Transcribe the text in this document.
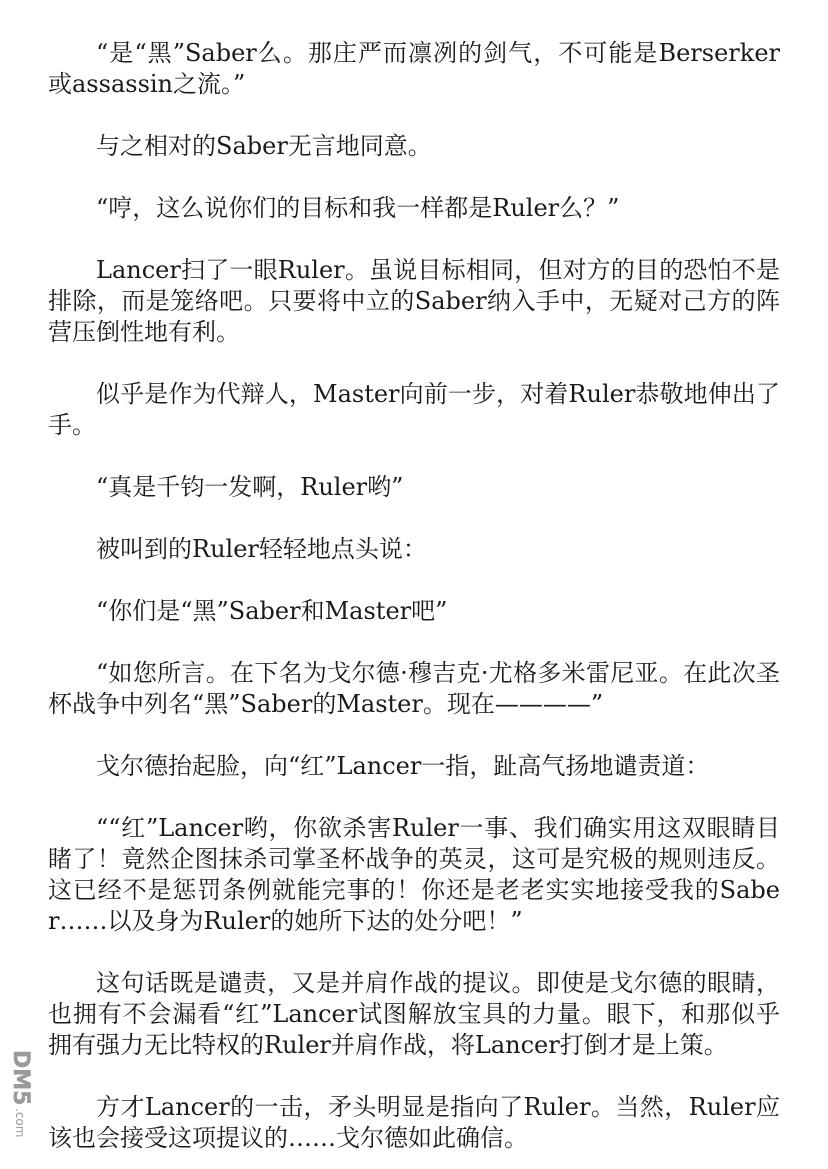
“是“黑”Saber么。那庄严而凛冽的剑气，不可能是Berserker或assassin之流。”

与之相对的Saber无言地同意。

“哼，这么说你们的目标和我一样都是Ruler么？”

Lancer扫了一眼Ruler。虽说目标相同，但对方的目的恐怕不是排除，而是笼络吧。只要将中立的Saber纳入手中，无疑对己方的阵营压倒性地有利。

似乎是作为代辩人，Master向前一步，对着Ruler恭敬地伸出了手。

“真是千钧一发啊，Ruler哟”

被叫到的Ruler轻轻地点头说：

“你们是“黑”Saber和Master吧”

“如您所言。在下名为戈尔德·穆吉克·尤格多米雷尼亚。在此次圣杯战争中列名“黑”Saber的Master。现在————”

戈尔德抬起脸，向“红”Lancer一指，趾高气扬地谴责道：

““红”Lancer哟，你欲杀害Ruler一事、我们确实用这双眼睛目睹了！竟然企图抹杀司掌圣杯战争的英灵，这可是究极的规则违反。这已经不是惩罚条例就能完事的！你还是老老实实地接受我的Saber……以及身为Ruler的她所下达的处分吧！”

这句话既是谴责，又是并肩作战的提议。即使是戈尔德的眼睛，也拥有不会漏看“红”Lancer试图解放宝具的力量。眼下，和那似乎拥有强力无比特权的Ruler并肩作战，将Lancer打倒才是上策。

方才Lancer的一击，矛头明显是指向了Ruler。当然，Ruler应该也会接受这项提议的……戈尔德如此确信。

DM5
.com
